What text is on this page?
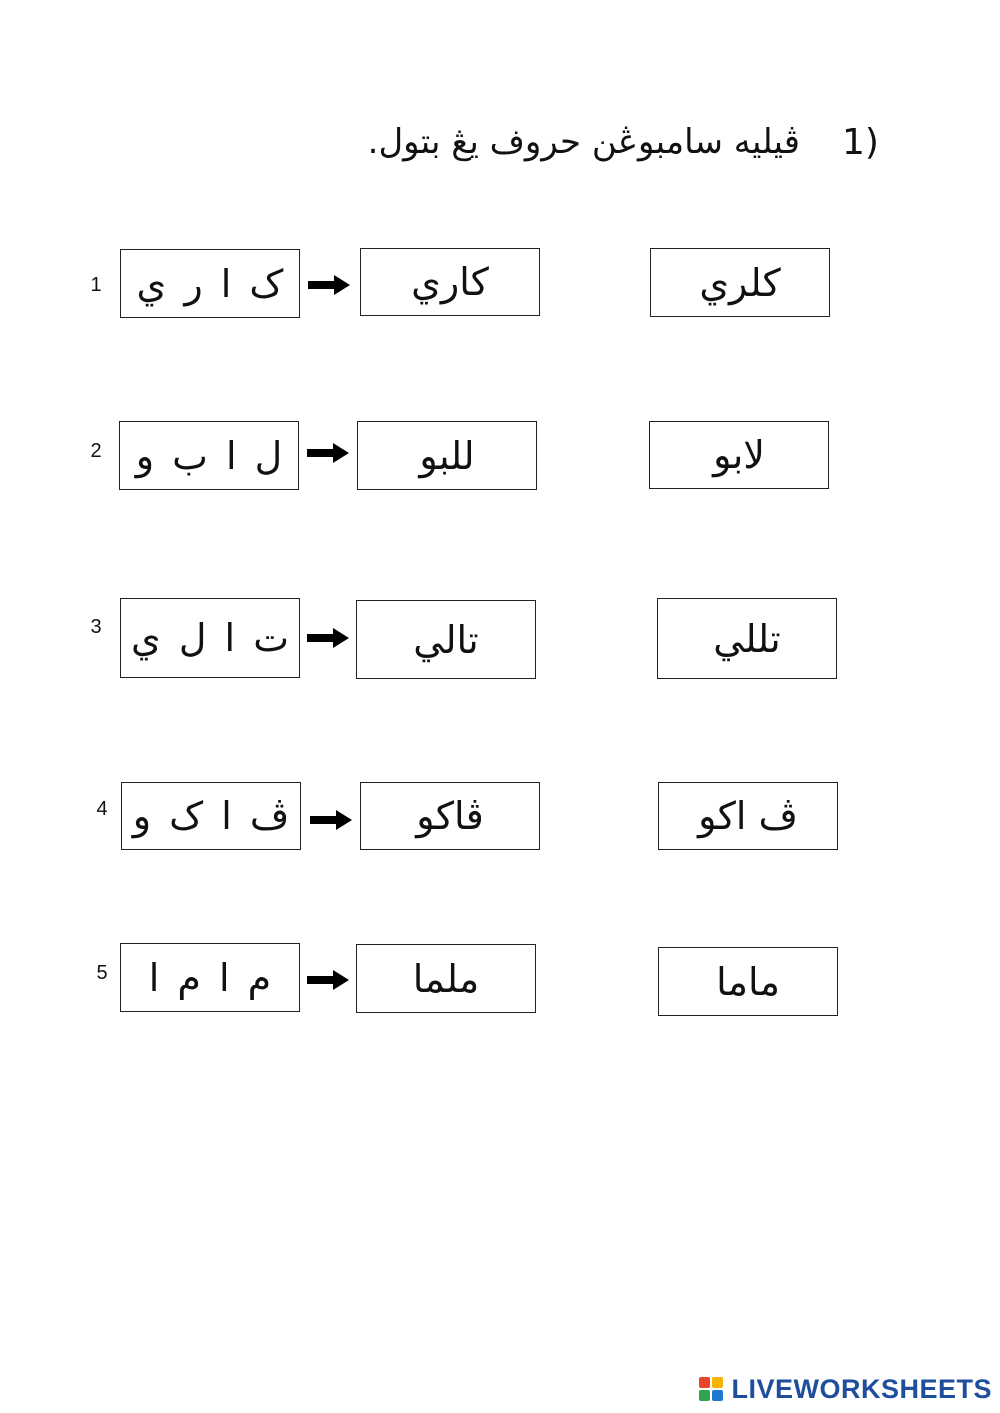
1)
ڤيليه سامبوڠن حروف يڠ بتول.
1 ک ا ر ي	کاري	کلري
2 ل ا ب و	للبو	لابو
3 ت ا ل ي	تالي	تللي
4 ڤ ا ک و	ڤاکو	ڤ اکو
5	م ا م ا	ملما	ماما
LIVEWORKSHEETS
